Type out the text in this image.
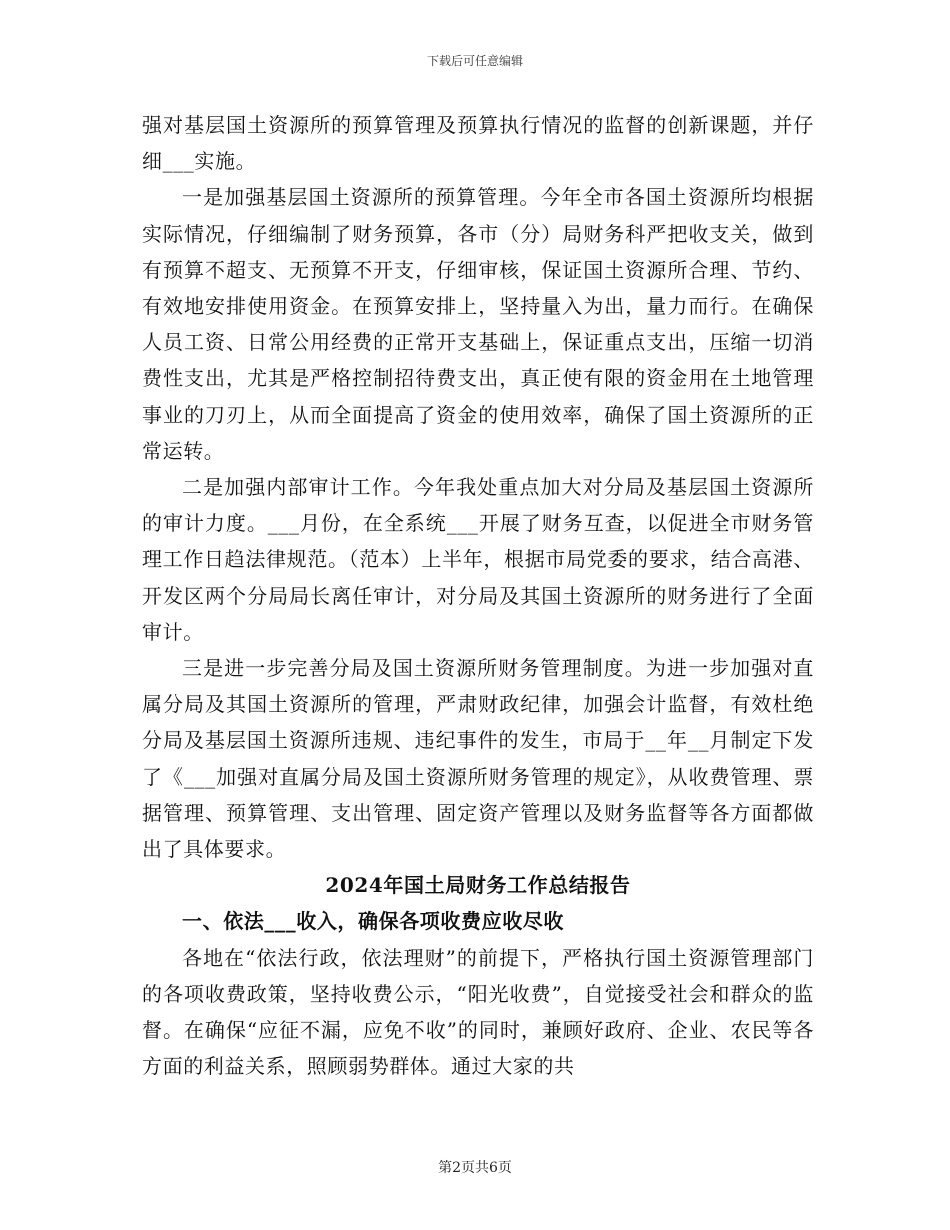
下载后可任意编辑

强对基层国土资源所的预算管理及预算执行情况的监督的创新课题，并仔细___实施。

一是加强基层国土资源所的预算管理。今年全市各国土资源所均根据实际情况，仔细编制了财务预算，各市（分）局财务科严把收支关，做到有预算不超支、无预算不开支，仔细审核，保证国土资源所合理、节约、有效地安排使用资金。在预算安排上，坚持量入为出，量力而行。在确保人员工资、日常公用经费的正常开支基础上，保证重点支出，压缩一切消费性支出，尤其是严格控制招待费支出，真正使有限的资金用在土地管理事业的刀刃上，从而全面提高了资金的使用效率，确保了国土资源所的正常运转。

二是加强内部审计工作。今年我处重点加大对分局及基层国土资源所的审计力度。___月份，在全系统___开展了财务互查，以促进全市财务管理工作日趋法律规范。（范本）上半年，根据市局党委的要求，结合高港、开发区两个分局局长离任审计，对分局及其国土资源所的财务进行了全面审计。

三是进一步完善分局及国土资源所财务管理制度。为进一步加强对直属分局及其国土资源所的管理，严肃财政纪律，加强会计监督，有效杜绝分局及基层国土资源所违规、违纪事件的发生，市局于__年__月制定下发了《___加强对直属分局及国土资源所财务管理的规定》，从收费管理、票据管理、预算管理、支出管理、固定资产管理以及财务监督等各方面都做出了具体要求。

2024年国土局财务工作总结报告

一、依法___收入，确保各项收费应收尽收

各地在“依法行政，依法理财”的前提下，严格执行国土资源管理部门的各项收费政策，坚持收费公示，“阳光收费”，自觉接受社会和群众的监督。在确保“应征不漏，应免不收”的同时，兼顾好政府、企业、农民等各方面的利益关系，照顾弱势群体。通过大家的共

第2页共6页
